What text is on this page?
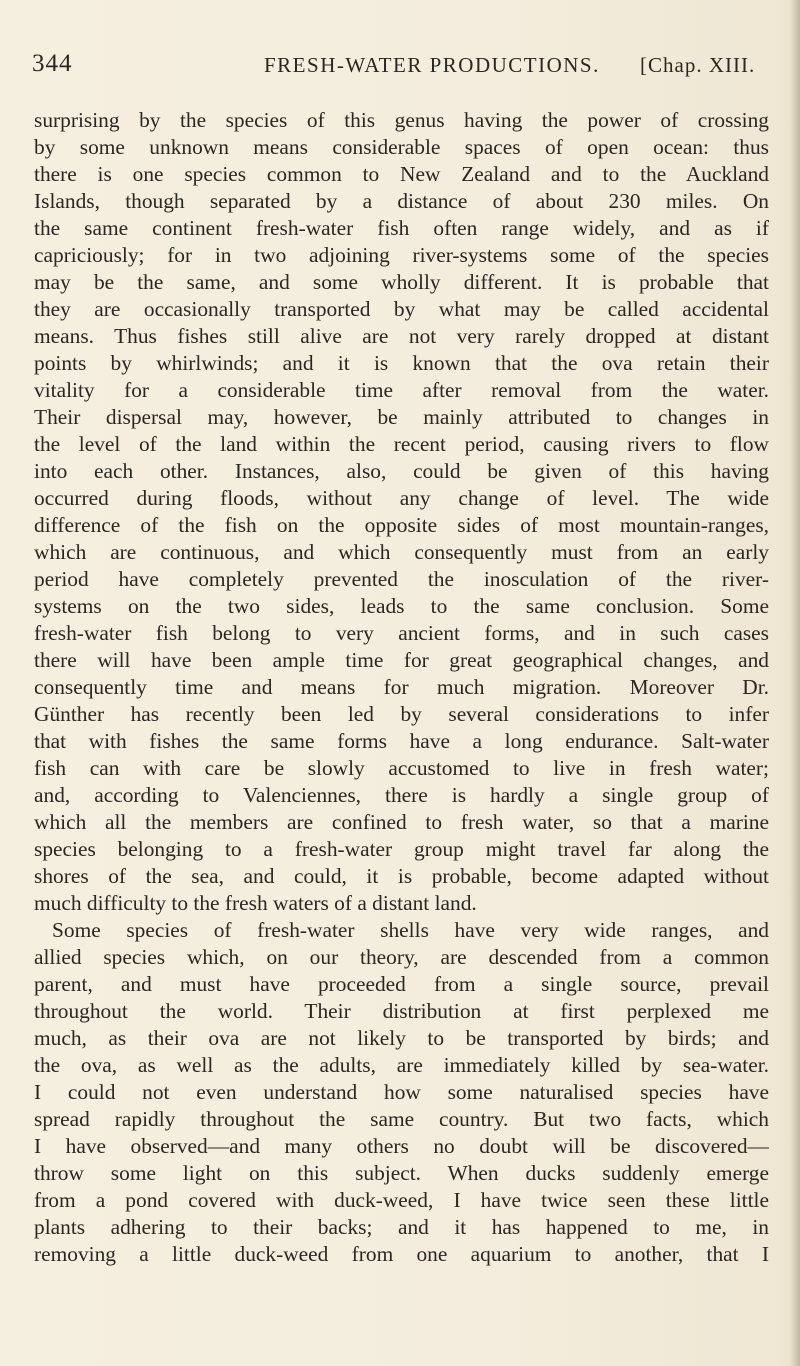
344	FRESH-WATER PRODUCTIONS. [Chap. XIII.
surprising by the species of this genus having the power of crossing
by some unknown means considerable spaces of open ocean: thus
there is one species common to New Zealand and to the Auckland
Islands, though separated by a distance of about 230 miles. On
the same continent fresh-water fish often range widely, and as if
capriciously; for in two adjoining river-systems some of the species
may be the same, and some wholly different. It is probable that
they are occasionally transported by what may be called accidental
means. Thus fishes still alive are not very rarely dropped at distant
points by whirlwinds; and it is known that the ova retain their
vitality for a considerable time after removal from the water.
Their dispersal may, however, be mainly attributed to changes in
the level of the land within the recent period, causing rivers to flow
into each other. Instances, also, could be given of this having
occurred during floods, without any change of level. The wide
difference of the fish on the opposite sides of most mountain-ranges,
which are continuous, and which consequently must from an early
period have completely prevented the inosculation of the river-
systems on the two sides, leads to the same conclusion. Some
fresh-water fish belong to very ancient forms, and in such cases
there will have been ample time for great geographical changes, and
consequently time and means for much migration. Moreover Dr.
Günther has recently been led by several considerations to infer
that with fishes the same forms have a long endurance. Salt-water
fish can with care be slowly accustomed to live in fresh water;
and, according to Valenciennes, there is hardly a single group of
which all the members are confined to fresh water, so that a marine
species belonging to a fresh-water group might travel far along the
shores of the sea, and could, it is probable, become adapted without
much difficulty to the fresh waters of a distant land.
Some species of fresh-water shells have very wide ranges, and
allied species which, on our theory, are descended from a common
parent, and must have proceeded from a single source, prevail
throughout the world. Their distribution at first perplexed me
much, as their ova are not likely to be transported by birds; and
the ova, as well as the adults, are immediately killed by sea-water.
I could not even understand how some naturalised species have
spread rapidly throughout the same country. But two facts, which
I have observed—and many others no doubt will be discovered—
throw some light on this subject. When ducks suddenly emerge
from a pond covered with duck-weed, I have twice seen these little
plants adhering to their backs; and it has happened to me, in
removing a little duck-weed from one aquarium to another, that I
